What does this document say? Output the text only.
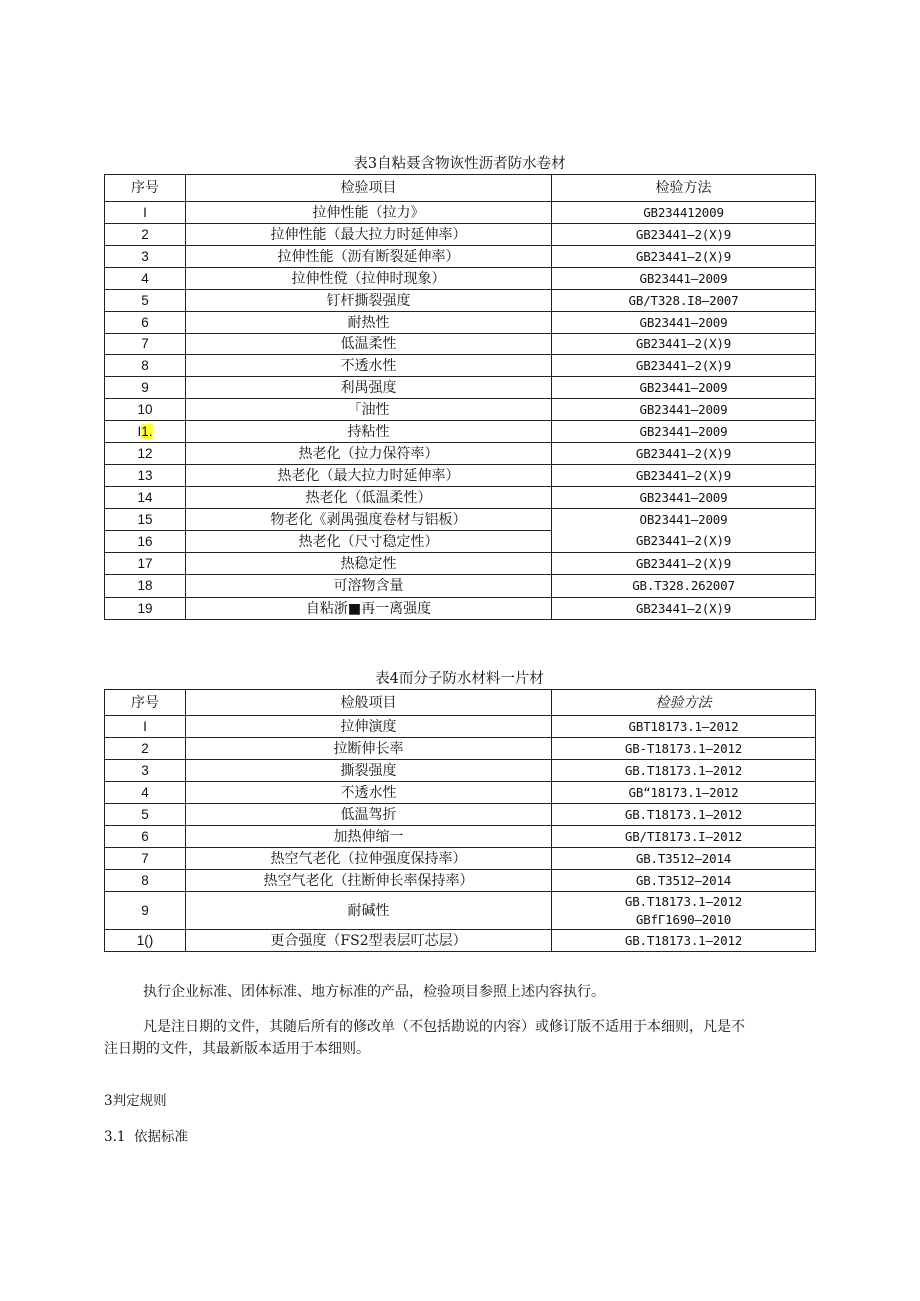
表3自粘聂含物诙性沥者防水卷材
序号	检验项目	检验方法
I	拉伸性能（拉力》	GB234412009
2	拉伸性能（最大拉力时延伸率）	GB23441—2(X)9
3	拉伸性能（沥有断裂延伸率）	GB23441—2(X)9
4	拉伸性傥（拉伸时现象）	GB23441—2009
5	钉杆撕裂强度	GB/T328.I8—2007
6	耐热性	GB23441—2009
7	低温柔性	GB23441—2(X)9
8	不透水性	GB23441—2(X)9
9	利禺强度	GB23441—2009
10	「油性	GB23441—2009
I1.	持粘性	GB23441—2009
12	热老化（拉力保符率）	GB23441—2(X)9
13	热老化（最大拉力时延伸率）	GB23441—2(X)9
14	热老化（低温柔性）	GB23441—2009
15	物老化《剥禺强度卷材与铝板）	OB23441—2009
16	热老化（尺寸稳定性）	GB23441—2(X)9
17	热稳定性	GB23441—2(X)9
18	可溶物含量	GB.T328.262007
19	自粘浙■再一离强度	GB23441—2(X)9
表4而分子防水材料一片材
序号	检般项目	检验方法
I	拉伸演度	GBT18173.1—2012
2	拉断伸长率	GB-T18173.1—2012
3	撕裂强度	GB.T18173.1—2012
4	不透水性	GB“18173.1—2012
5	低温驾折	GB.T18173.1—2012
6	加热伸缩一	GB/TI8173.I—2012
7	热空气老化（拉伸强度保持率）	GB.T3512—2014
8	热空气老化（拄断伸长率保持率）	GB.T3512—2014
9	耐碱性	GB.T18173.1—2012
GBfΓ1690—2010

1()	更合强度（FS2型表层叮芯层）	GB.T18173.1—2012
执行企业标准、团体标准、地方标准的产品，检验项目参照上述内容执行。
凡是注日期的文件，其随后所有的修改单（不包括勘说的内容）或修订版不适用于本细则，凡是不
注日期的文件，其最新版本适用于本细则。
3判定规则
3.1  依据标准
